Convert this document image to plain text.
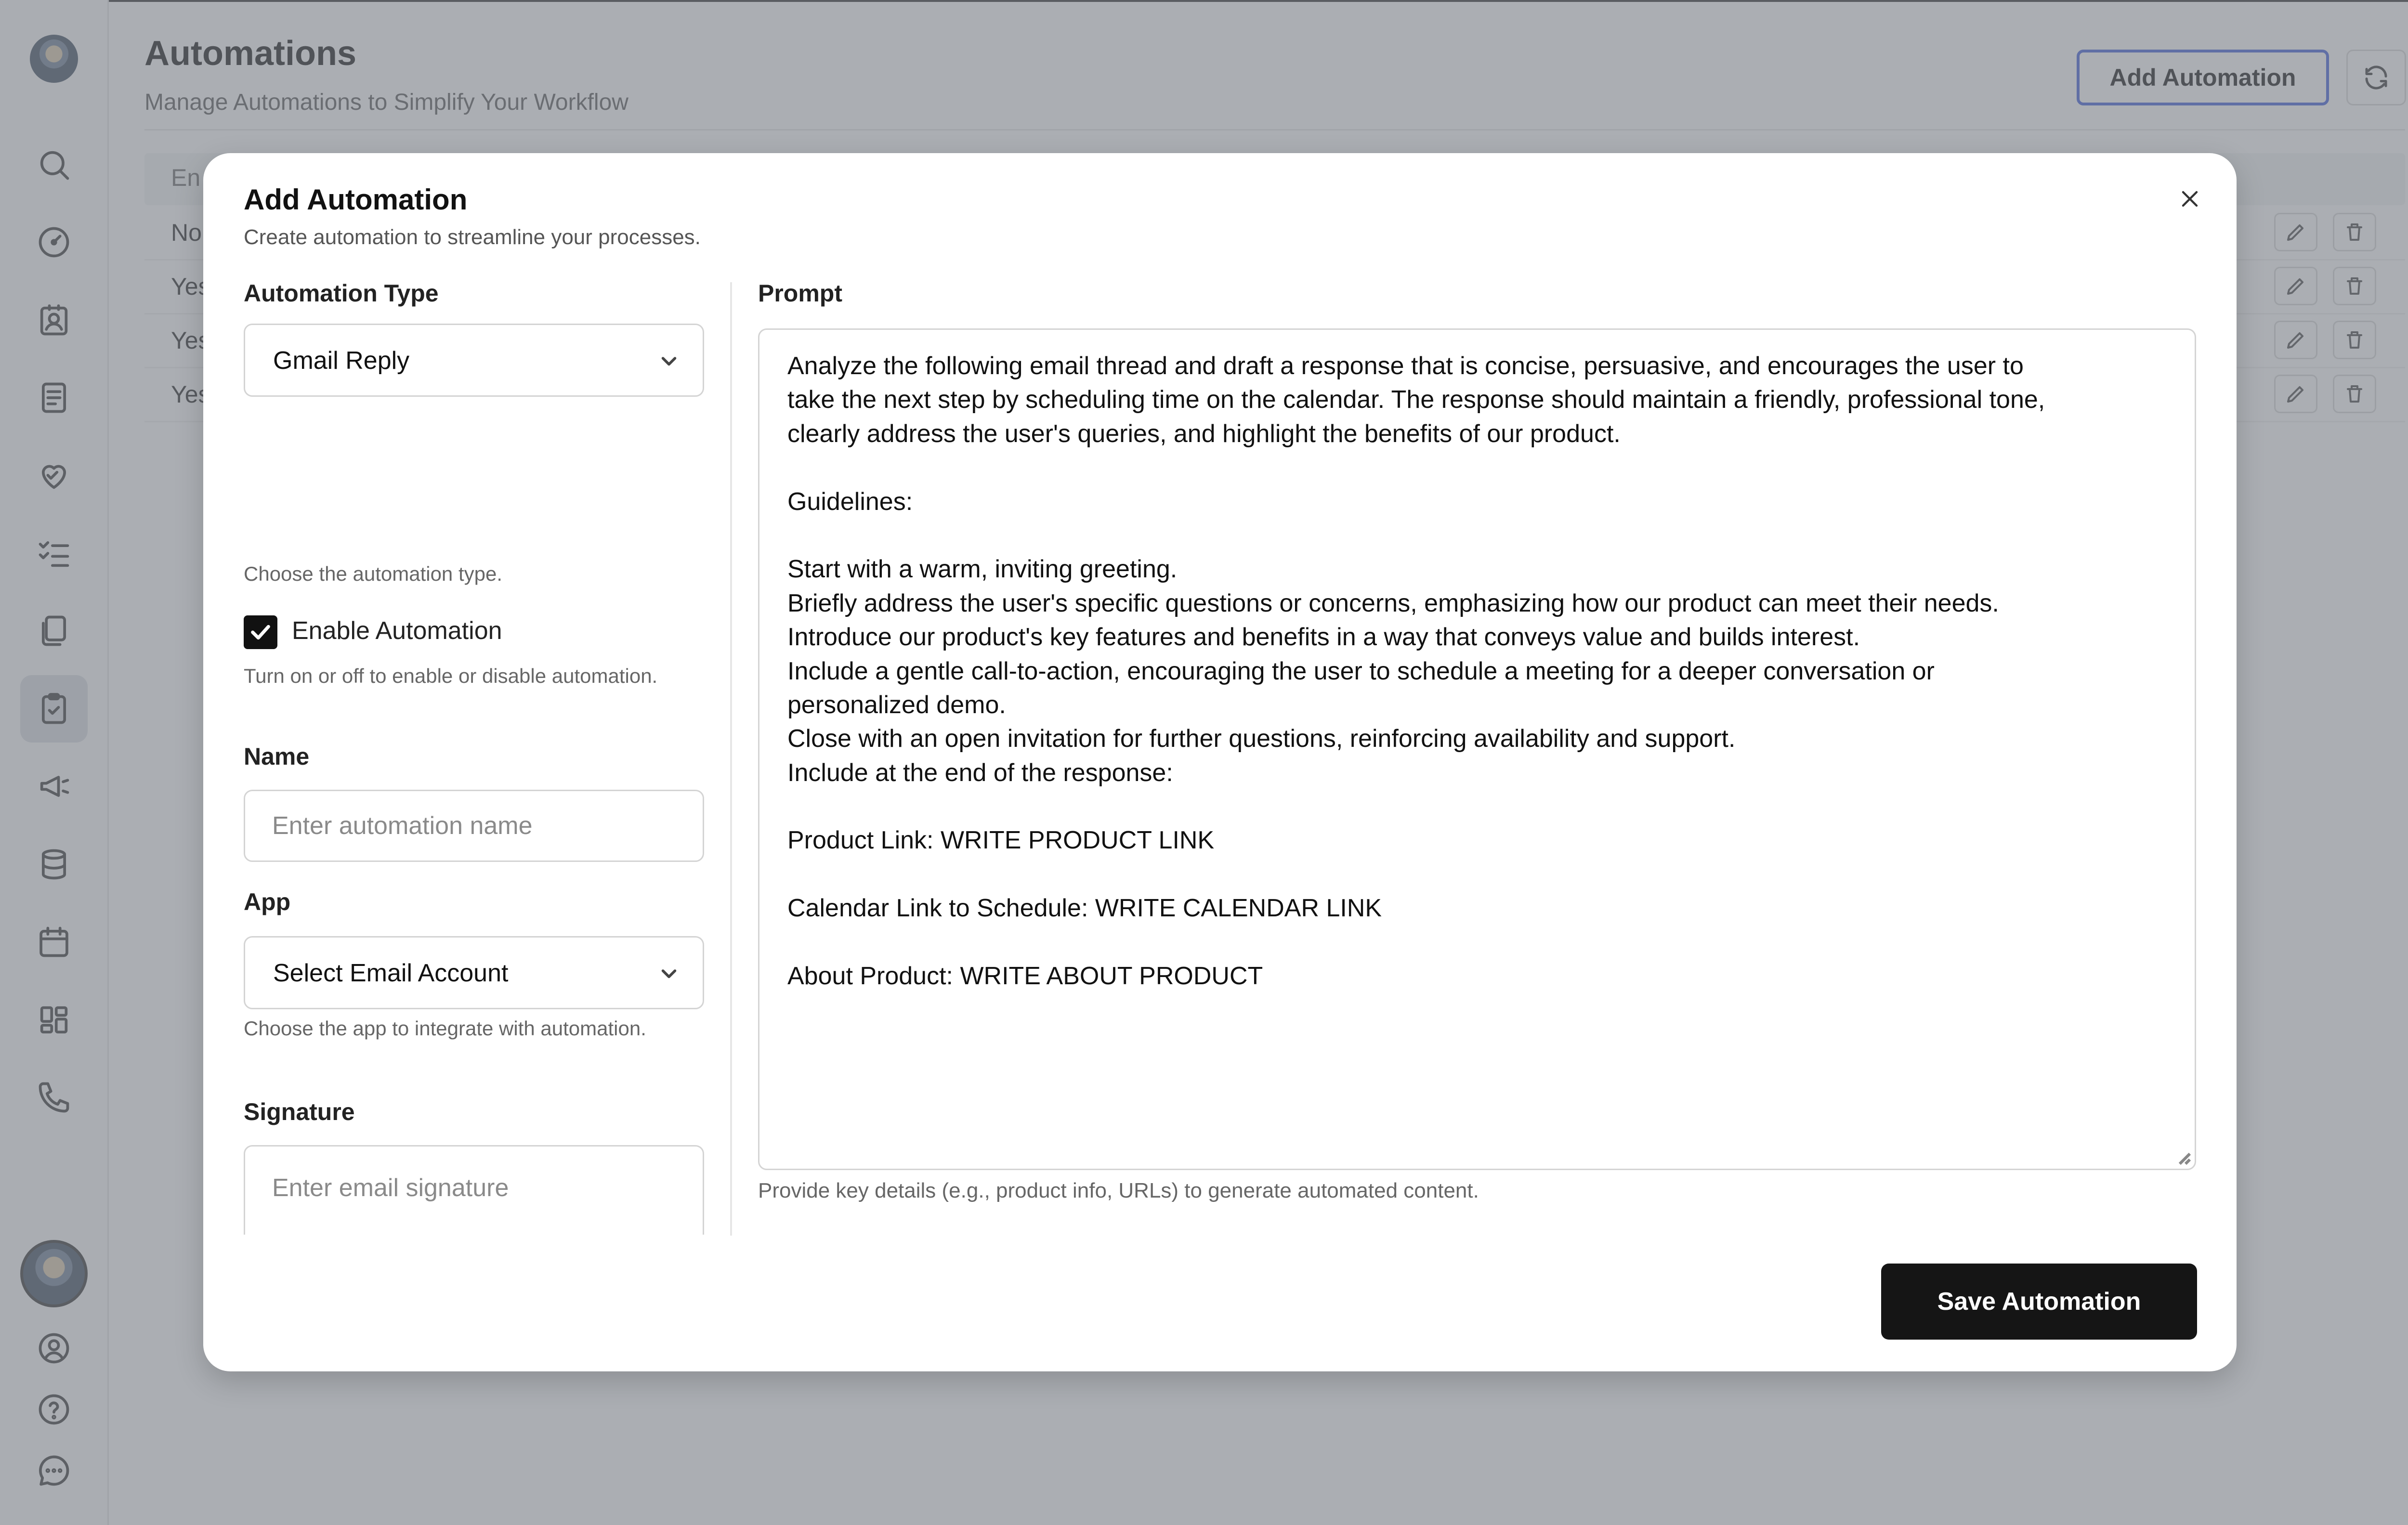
Add Automation
Create automation to streamline your processes.
Automation Type
Gmail Reply
Choose the automation type.
Enable Automation
Turn on or off to enable or disable automation.
Name
Enter automation name
App
Select Email Account
Choose the app to integrate with automation.
Signature
Enter email signature
Prompt
Analyze the following email thread and draft a response that is concise, persuasive, and encourages the user to
take the next step by scheduling time on the calendar. The response should maintain a friendly, professional tone,
clearly address the user's queries, and highlight the benefits of our product.
Guidelines:
Start with a warm, inviting greeting.
Briefly address the user's specific questions or concerns, emphasizing how our product can meet their needs.
Introduce our product's key features and benefits in a way that conveys value and builds interest.
Include a gentle call-to-action, encouraging the user to schedule a meeting for a deeper conversation or
personalized demo.
Close with an open invitation for further questions, reinforcing availability and support.
Include at the end of the response:
Product Link: WRITE PRODUCT LINK
Calendar Link to Schedule: WRITE CALENDAR LINK
About Product: WRITE ABOUT PRODUCT
Provide key details (e.g., product info, URLs) to generate automated content.
Save Automation
